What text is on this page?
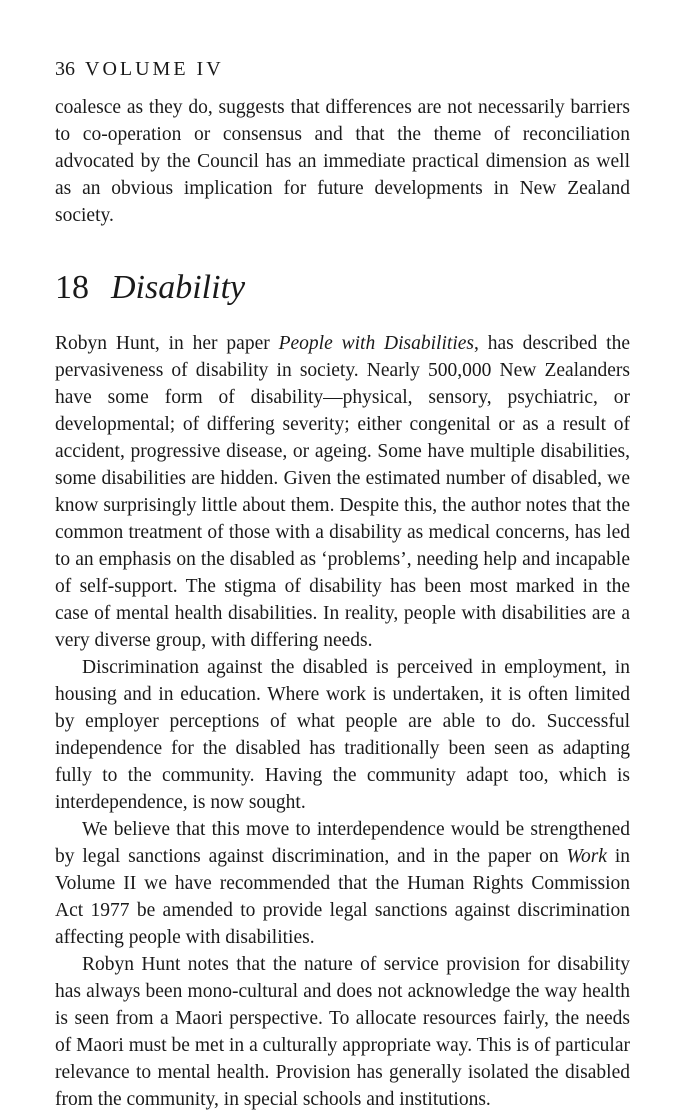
36 VOLUME IV

coalesce as they do, suggests that differences are not necessarily barriers to co-operation or consensus and that the theme of reconciliation advocated by the Council has an immediate practical dimension as well as an obvious implication for future developments in New Zealand society.

18 Disability

Robyn Hunt, in her paper People with Disabilities, has described the pervasiveness of disability in society. Nearly 500,000 New Zealanders have some form of disability—physical, sensory, psychiatric, or developmental; of differing severity; either congenital or as a result of accident, progressive disease, or ageing. Some have multiple disabilities, some disabilities are hidden. Given the estimated number of disabled, we know surprisingly little about them. Despite this, the author notes that the common treatment of those with a disability as medical concerns, has led to an emphasis on the disabled as ‘problems’, needing help and incapable of self-support. The stigma of disability has been most marked in the case of mental health disabilities. In reality, people with disabilities are a very diverse group, with differing needs.

Discrimination against the disabled is perceived in employment, in housing and in education. Where work is undertaken, it is often limited by employer perceptions of what people are able to do. Successful independence for the disabled has traditionally been seen as adapting fully to the community. Having the community adapt too, which is interdependence, is now sought.

We believe that this move to interdependence would be strengthened by legal sanctions against discrimination, and in the paper on Work in Volume II we have recommended that the Human Rights Commission Act 1977 be amended to provide legal sanctions against discrimination affecting people with disabilities.

Robyn Hunt notes that the nature of service provision for disability has always been mono-cultural and does not acknowledge the way health is seen from a Maori perspective. To allocate resources fairly, the needs of Maori must be met in a culturally appropriate way. This is of particular relevance to mental health. Provision has generally isolated the disabled from the community, in special schools and institutions.
